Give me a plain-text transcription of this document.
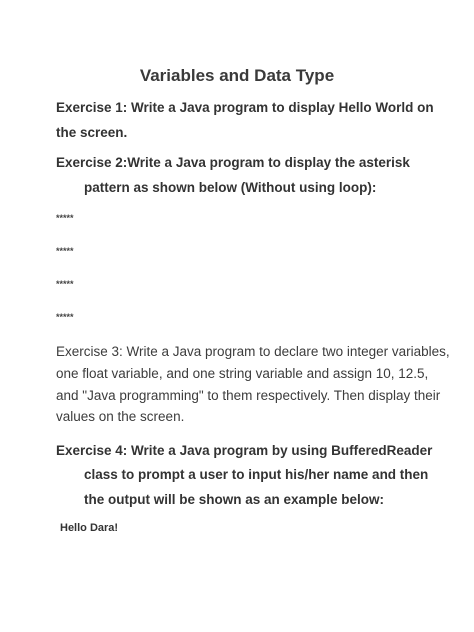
Variables and Data Type
Exercise 1: Write a Java program to display Hello World on
the screen.
Exercise 2:Write a Java program to display the asterisk
pattern as shown below (Without using loop):
*****
*****
*****
*****
Exercise 3: Write a Java program to declare two integer variables,
one float variable, and one string variable and assign 10, 12.5,
and "Java programming" to them respectively. Then display their
values on the screen.
Exercise 4: Write a Java program by using BufferedReader
class to prompt a user to input his/her name and then
the output will be shown as an example below:
Hello Dara!
